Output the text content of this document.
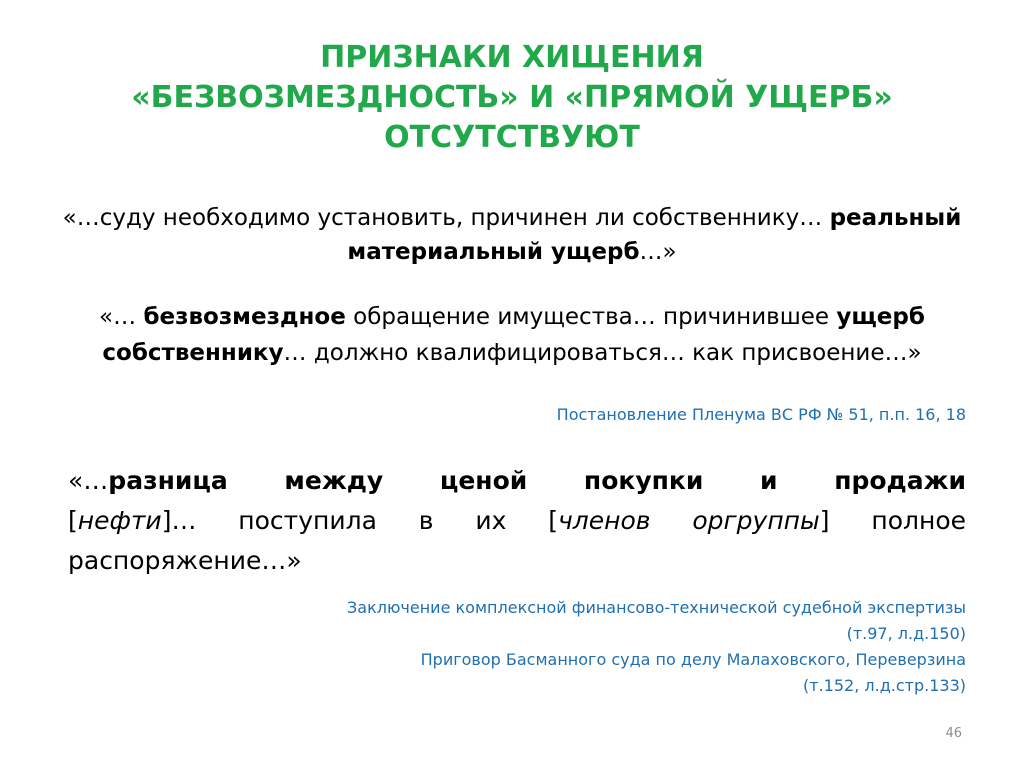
ПРИЗНАКИ ХИЩЕНИЯ
«БЕЗВОЗМЕЗДНОСТЬ» И «ПРЯМОЙ УЩЕРБ»
ОТСУТСТВУЮТ
«…суду необходимо установить, причинен ли собственнику… реальный материальный ущерб…»
«… безвозмездное обращение имущества… причинившее ущерб собственнику… должно квалифицироваться… как присвоение…»
Постановление Пленума ВС РФ № 51, п.п. 16, 18
«…разница между ценой покупки и продажи
[нефти]… поступила в их [членов оргруппы] полное
распоряжение…»
Заключение комплексной финансово-технической судебной экспертизы
(т.97, л.д.150)
Приговор Басманного суда по делу Малаховского, Переверзина
(т.152, л.д.стр.133)
46
